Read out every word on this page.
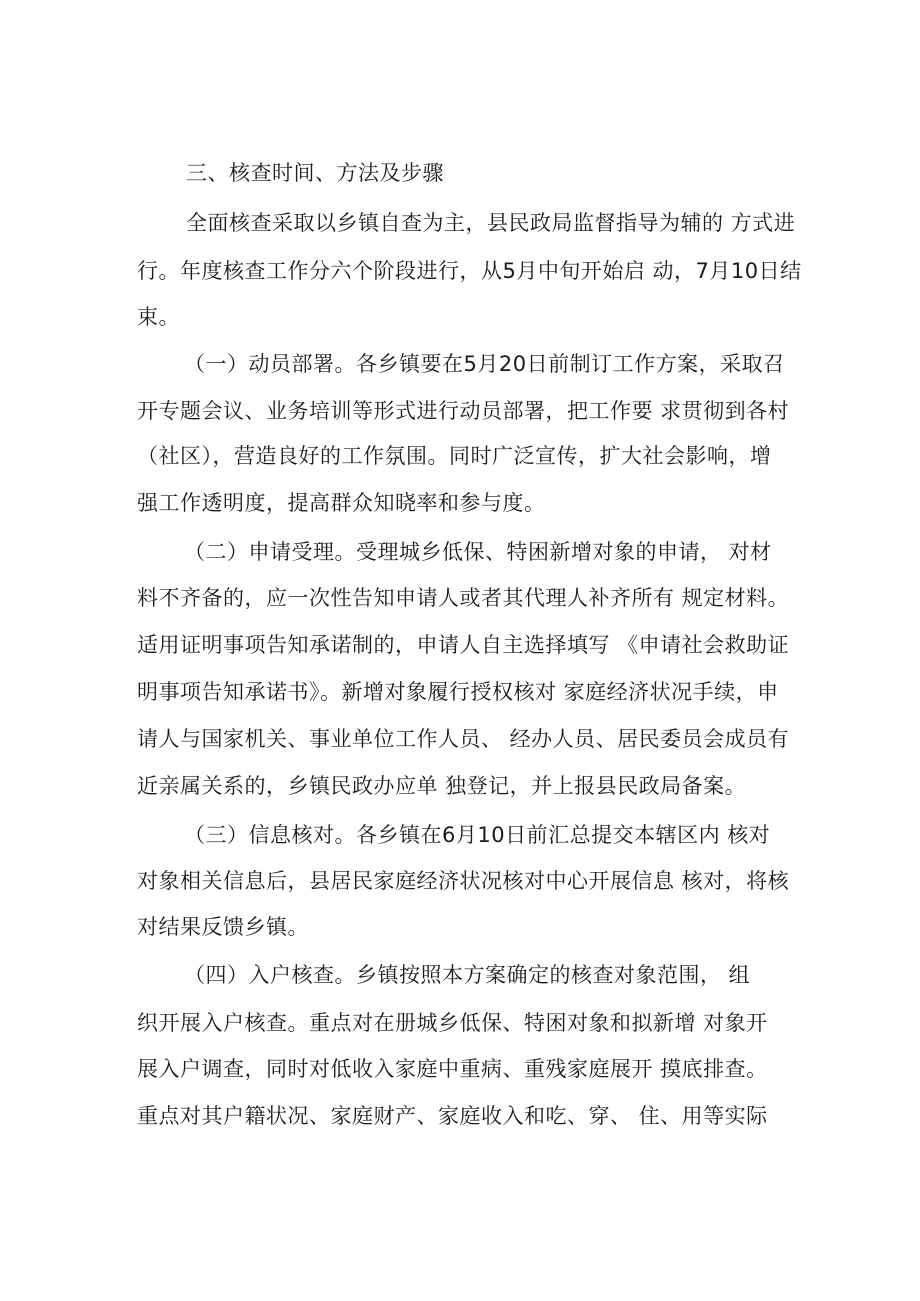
三、核查时间、方法及步骤

全面核查采取以乡镇自查为主，县民政局监督指导为辅的 方式进

行。年度核查工作分六个阶段进行，从5月中旬开始启 动，7月10日结

束。

（一）动员部署。各乡镇要在5月20日前制订工作方案，采取召

开专题会议、业务培训等形式进行动员部署，把工作要 求贯彻到各村

（社区），营造良好的工作氛围。同时广泛宣传，扩大社会影响，增

强工作透明度，提高群众知晓率和参与度。

（二）申请受理。受理城乡低保、特困新增对象的申请， 对材

料不齐备的，应一次性告知申请人或者其代理人补齐所有 规定材料。

适用证明事项告知承诺制的，申请人自主选择填写 《申请社会救助证

明事项告知承诺书》。新增对象履行授权核对 家庭经济状况手续，申

请人与国家机关、事业单位工作人员、 经办人员、居民委员会成员有

近亲属关系的，乡镇民政办应单 独登记，并上报县民政局备案。

（三）信息核对。各乡镇在6月10日前汇总提交本辖区内 核对

对象相关信息后，县居民家庭经济状况核对中心开展信息 核对，将核

对结果反馈乡镇。

（四）入户核查。乡镇按照本方案确定的核查对象范围， 组

织开展入户核查。重点对在册城乡低保、特困对象和拟新增 对象开

展入户调查，同时对低收入家庭中重病、重残家庭展开 摸底排查。

重点对其户籍状况、家庭财产、家庭收入和吃、穿、 住、用等实际
